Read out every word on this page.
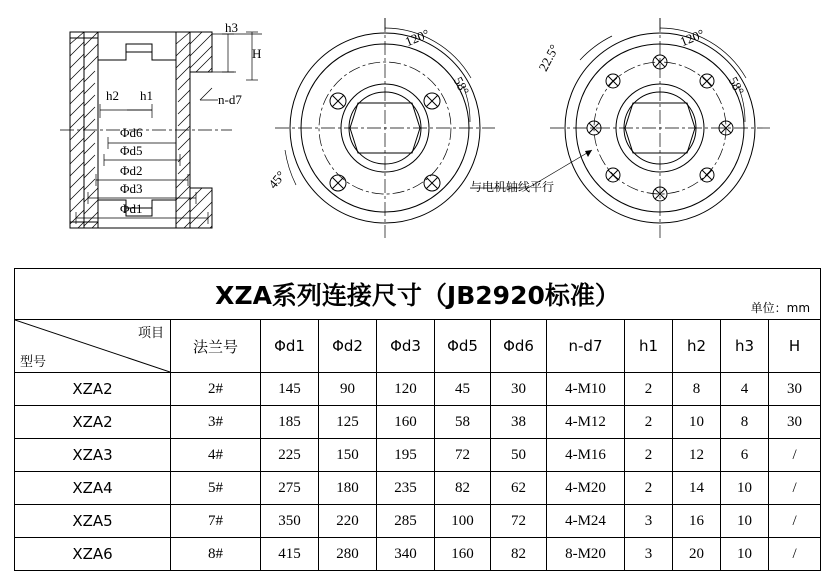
h3
H
h2 h1	n-d7
Φd6
Φd5
Φd2
Φd3
Φd1
120°
58°
45°
120°
58°
22.5°
与电机轴线平行
XZA系列连接尺寸（JB2920标准） 单位：mm											

项目
型号	法兰号	Φd1	Φd2	Φd3	Φd5	Φd6	n-d7	h1	h2	h3	H
XZA2	2#	145	90	120	45	30	4-M10	2	8	4	30
XZA2	3#	185	125	160	58	38	4-M12	2	10	8	30
XZA3	4#	225	150	195	72	50	4-M16	2	12	6	/
XZA4	5#	275	180	235	82	62	4-M20	2	14	10	/
XZA5	7#	350	220	285	100	72	4-M24	3	16	10	/
XZA6	8#	415	280	340	160	82	8-M20	3	20	10	/
